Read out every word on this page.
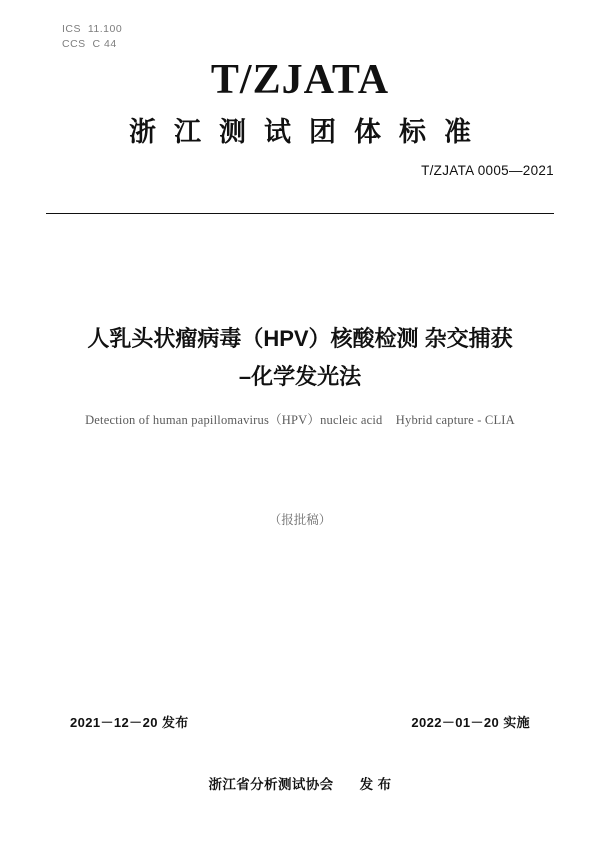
ICS  11.100
CCS  C 44
T/ZJATA
浙 江 测 试 团 体 标 准
T/ZJATA 0005—2021
人乳头状瘤病毒（HPV）核酸检测 杂交捕获
–化学发光法
Detection of human papillomavirus（HPV）nucleic acid    Hybrid capture - CLIA
（报批稿）
2021－12－20 发布	2022－01－20 实施
浙江省分析测试协会 发 布
